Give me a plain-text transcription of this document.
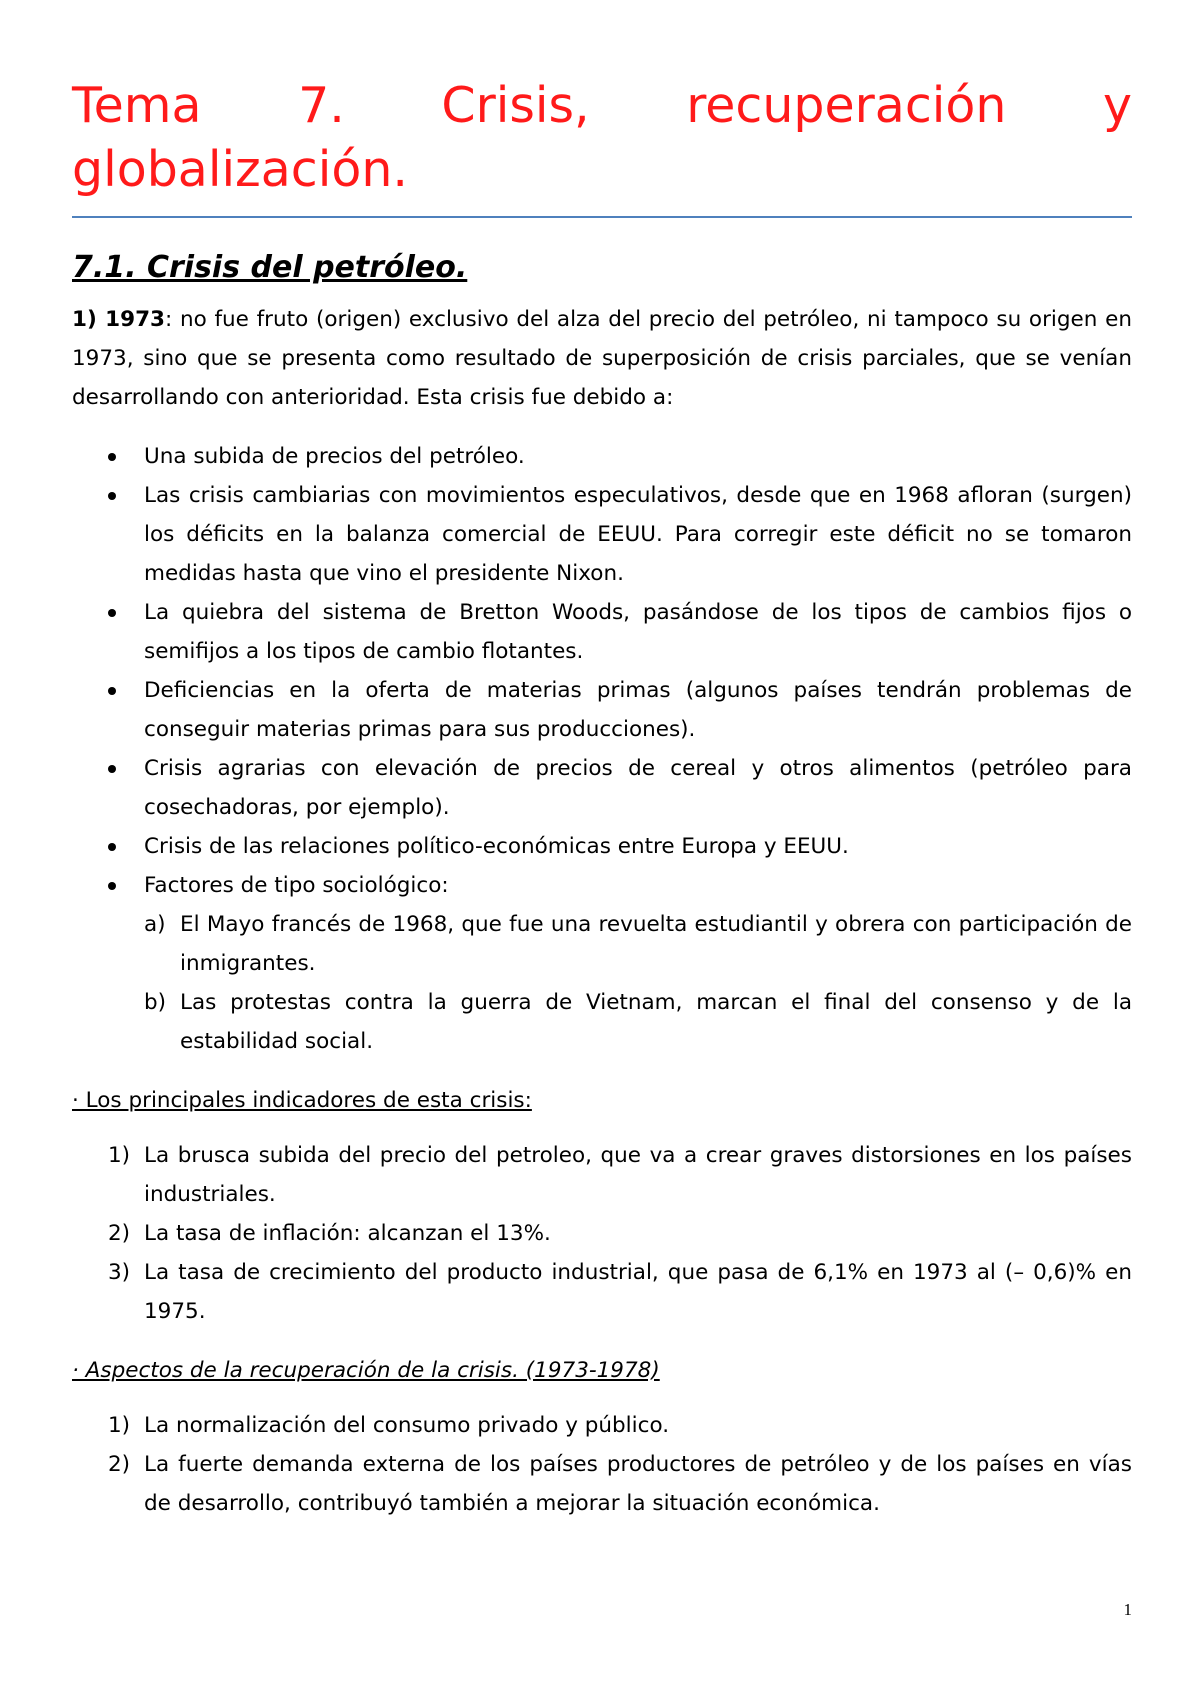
Tema 7. Crisis, recuperación y globalización.
7.1. Crisis del petróleo.

1) 1973: no fue fruto (origen) exclusivo del alza del precio del petróleo, ni tampoco su origen en 1973, sino que se presenta como resultado de superposición de crisis parciales, que se venían desarrollando con anterioridad. Esta crisis fue debido a:

Una subida de precios del petróleo.
Las crisis cambiarias con movimientos especulativos, desde que en 1968 afloran (surgen) los déficits en la balanza comercial de EEUU. Para corregir este déficit no se tomaron medidas hasta que vino el presidente Nixon.
La quiebra del sistema de Bretton Woods, pasándose de los tipos de cambios fijos o semifijos a los tipos de cambio flotantes.
Deficiencias en la oferta de materias primas (algunos países tendrán problemas de conseguir materias primas para sus producciones).
Crisis agrarias con elevación de precios de cereal y otros alimentos (petróleo para cosechadoras, por ejemplo).
Crisis de las relaciones político-económicas entre Europa y EEUU.
Factores de tipo sociológico:
a) El Mayo francés de 1968, que fue una revuelta estudiantil y obrera con participación de inmigrantes.
b) Las protestas contra la guerra de Vietnam, marcan el final del consenso y de la estabilidad social.

· Los principales indicadores de esta crisis:

1) La brusca subida del precio del petroleo, que va a crear graves distorsiones en los países industriales.
2) La tasa de inflación: alcanzan el 13%.
3) La tasa de crecimiento del producto industrial, que pasa de 6,1% en 1973 al (– 0,6)% en 1975.

· Aspectos de la recuperación de la crisis. (1973-1978)

1) La normalización del consumo privado y público.
2) La fuerte demanda externa de los países productores de petróleo y de los países en vías de desarrollo, contribuyó también a mejorar la situación económica.
1
